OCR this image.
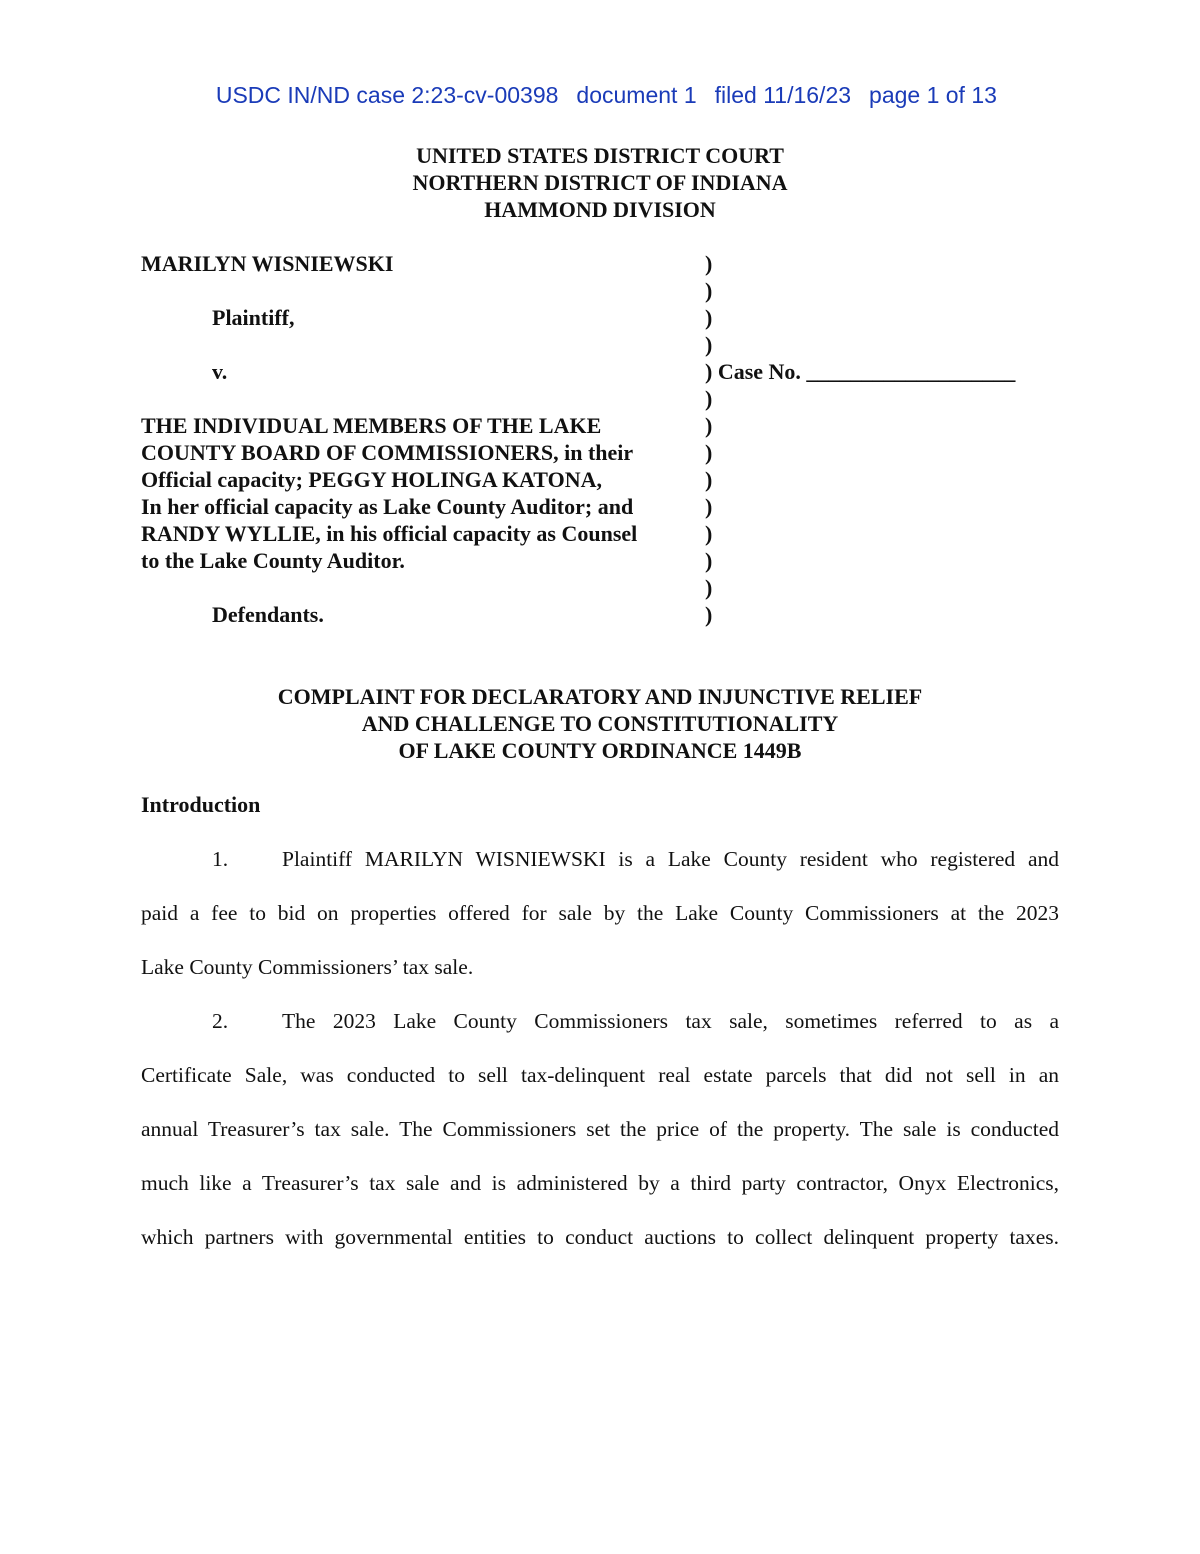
USDC IN/ND case 2:23-cv-00398 document 1 filed 11/16/23 page 1 of 13

UNITED STATES DISTRICT COURT
NORTHERN DISTRICT OF INDIANA
HAMMOND DIVISION
MARILYN WISNIEWSKI
Plaintiff,
v.
THE INDIVIDUAL MEMBERS OF THE LAKE
COUNTY BOARD OF COMMISSIONERS, in their
Official capacity; PEGGY HOLINGA KATONA,
In her official capacity as Lake County Auditor; and
RANDY WYLLIE, in his official capacity as Counsel
to the Lake County Auditor.
Defendants.
)
)
)
)
) Case No. ___________________
)
)
)
)
)
)
)
)
)
COMPLAINT FOR DECLARATORY AND INJUNCTIVE RELIEF
AND CHALLENGE TO CONSTITUTIONALITY
OF LAKE COUNTY ORDINANCE 1449B
Introduction
1.	Plaintiff MARILYN WISNIEWSKI is a Lake County resident who registered and
paid a fee to bid on properties offered for sale by the Lake County Commissioners at the 2023
Lake County Commissioners’ tax sale.
2.	The 2023 Lake County Commissioners tax sale, sometimes referred to as a
Certificate Sale, was conducted to sell tax-delinquent real estate parcels that did not sell in an
annual Treasurer’s tax sale. The Commissioners set the price of the property. The sale is conducted
much like a Treasurer’s tax sale and is administered by a third party contractor, Onyx Electronics,
which partners with governmental entities to conduct auctions to collect delinquent property taxes.
